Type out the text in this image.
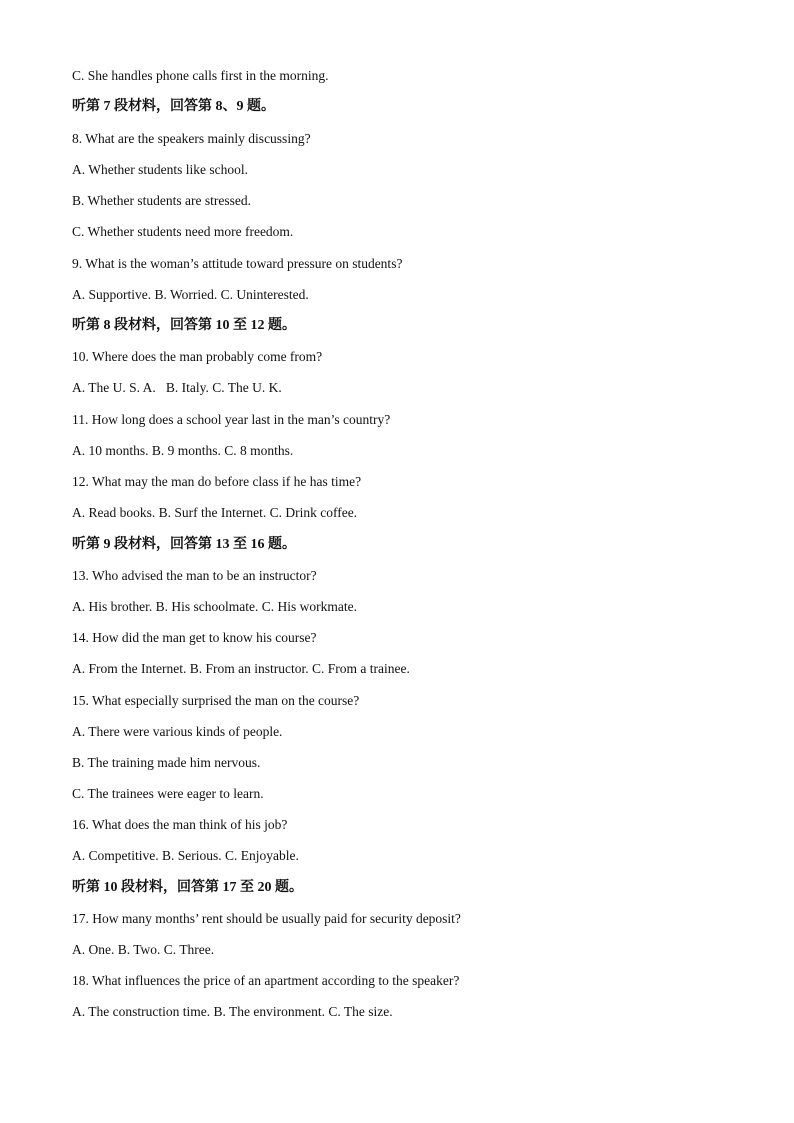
C. She handles phone calls first in the morning.
听第 7 段材料，回答第 8、9 题。
8. What are the speakers mainly discussing?
A. Whether students like school.
B. Whether students are stressed.
C. Whether students need more freedom.
9. What is the woman’s attitude toward pressure on students?
A. Supportive. B. Worried. C. Uninterested.
听第 8 段材料，回答第 10 至 12 题。
10. Where does the man probably come from?
A. The U. S. A.   B. Italy. C. The U. K.
11. How long does a school year last in the man’s country?
A. 10 months. B. 9 months. C. 8 months.
12. What may the man do before class if he has time?
A. Read books. B. Surf the Internet. C. Drink coffee.
听第 9 段材料，回答第 13 至 16 题。
13. Who advised the man to be an instructor?
A. His brother. B. His schoolmate. C. His workmate.
14. How did the man get to know his course?
A. From the Internet. B. From an instructor. C. From a trainee.
15. What especially surprised the man on the course?
A. There were various kinds of people.
B. The training made him nervous.
C. The trainees were eager to learn.
16. What does the man think of his job?
A. Competitive. B. Serious. C. Enjoyable.
听第 10 段材料，回答第 17 至 20 题。
17. How many months’ rent should be usually paid for security deposit?
A. One. B. Two. C. Three.
18. What influences the price of an apartment according to the speaker?
A. The construction time. B. The environment. C. The size.
